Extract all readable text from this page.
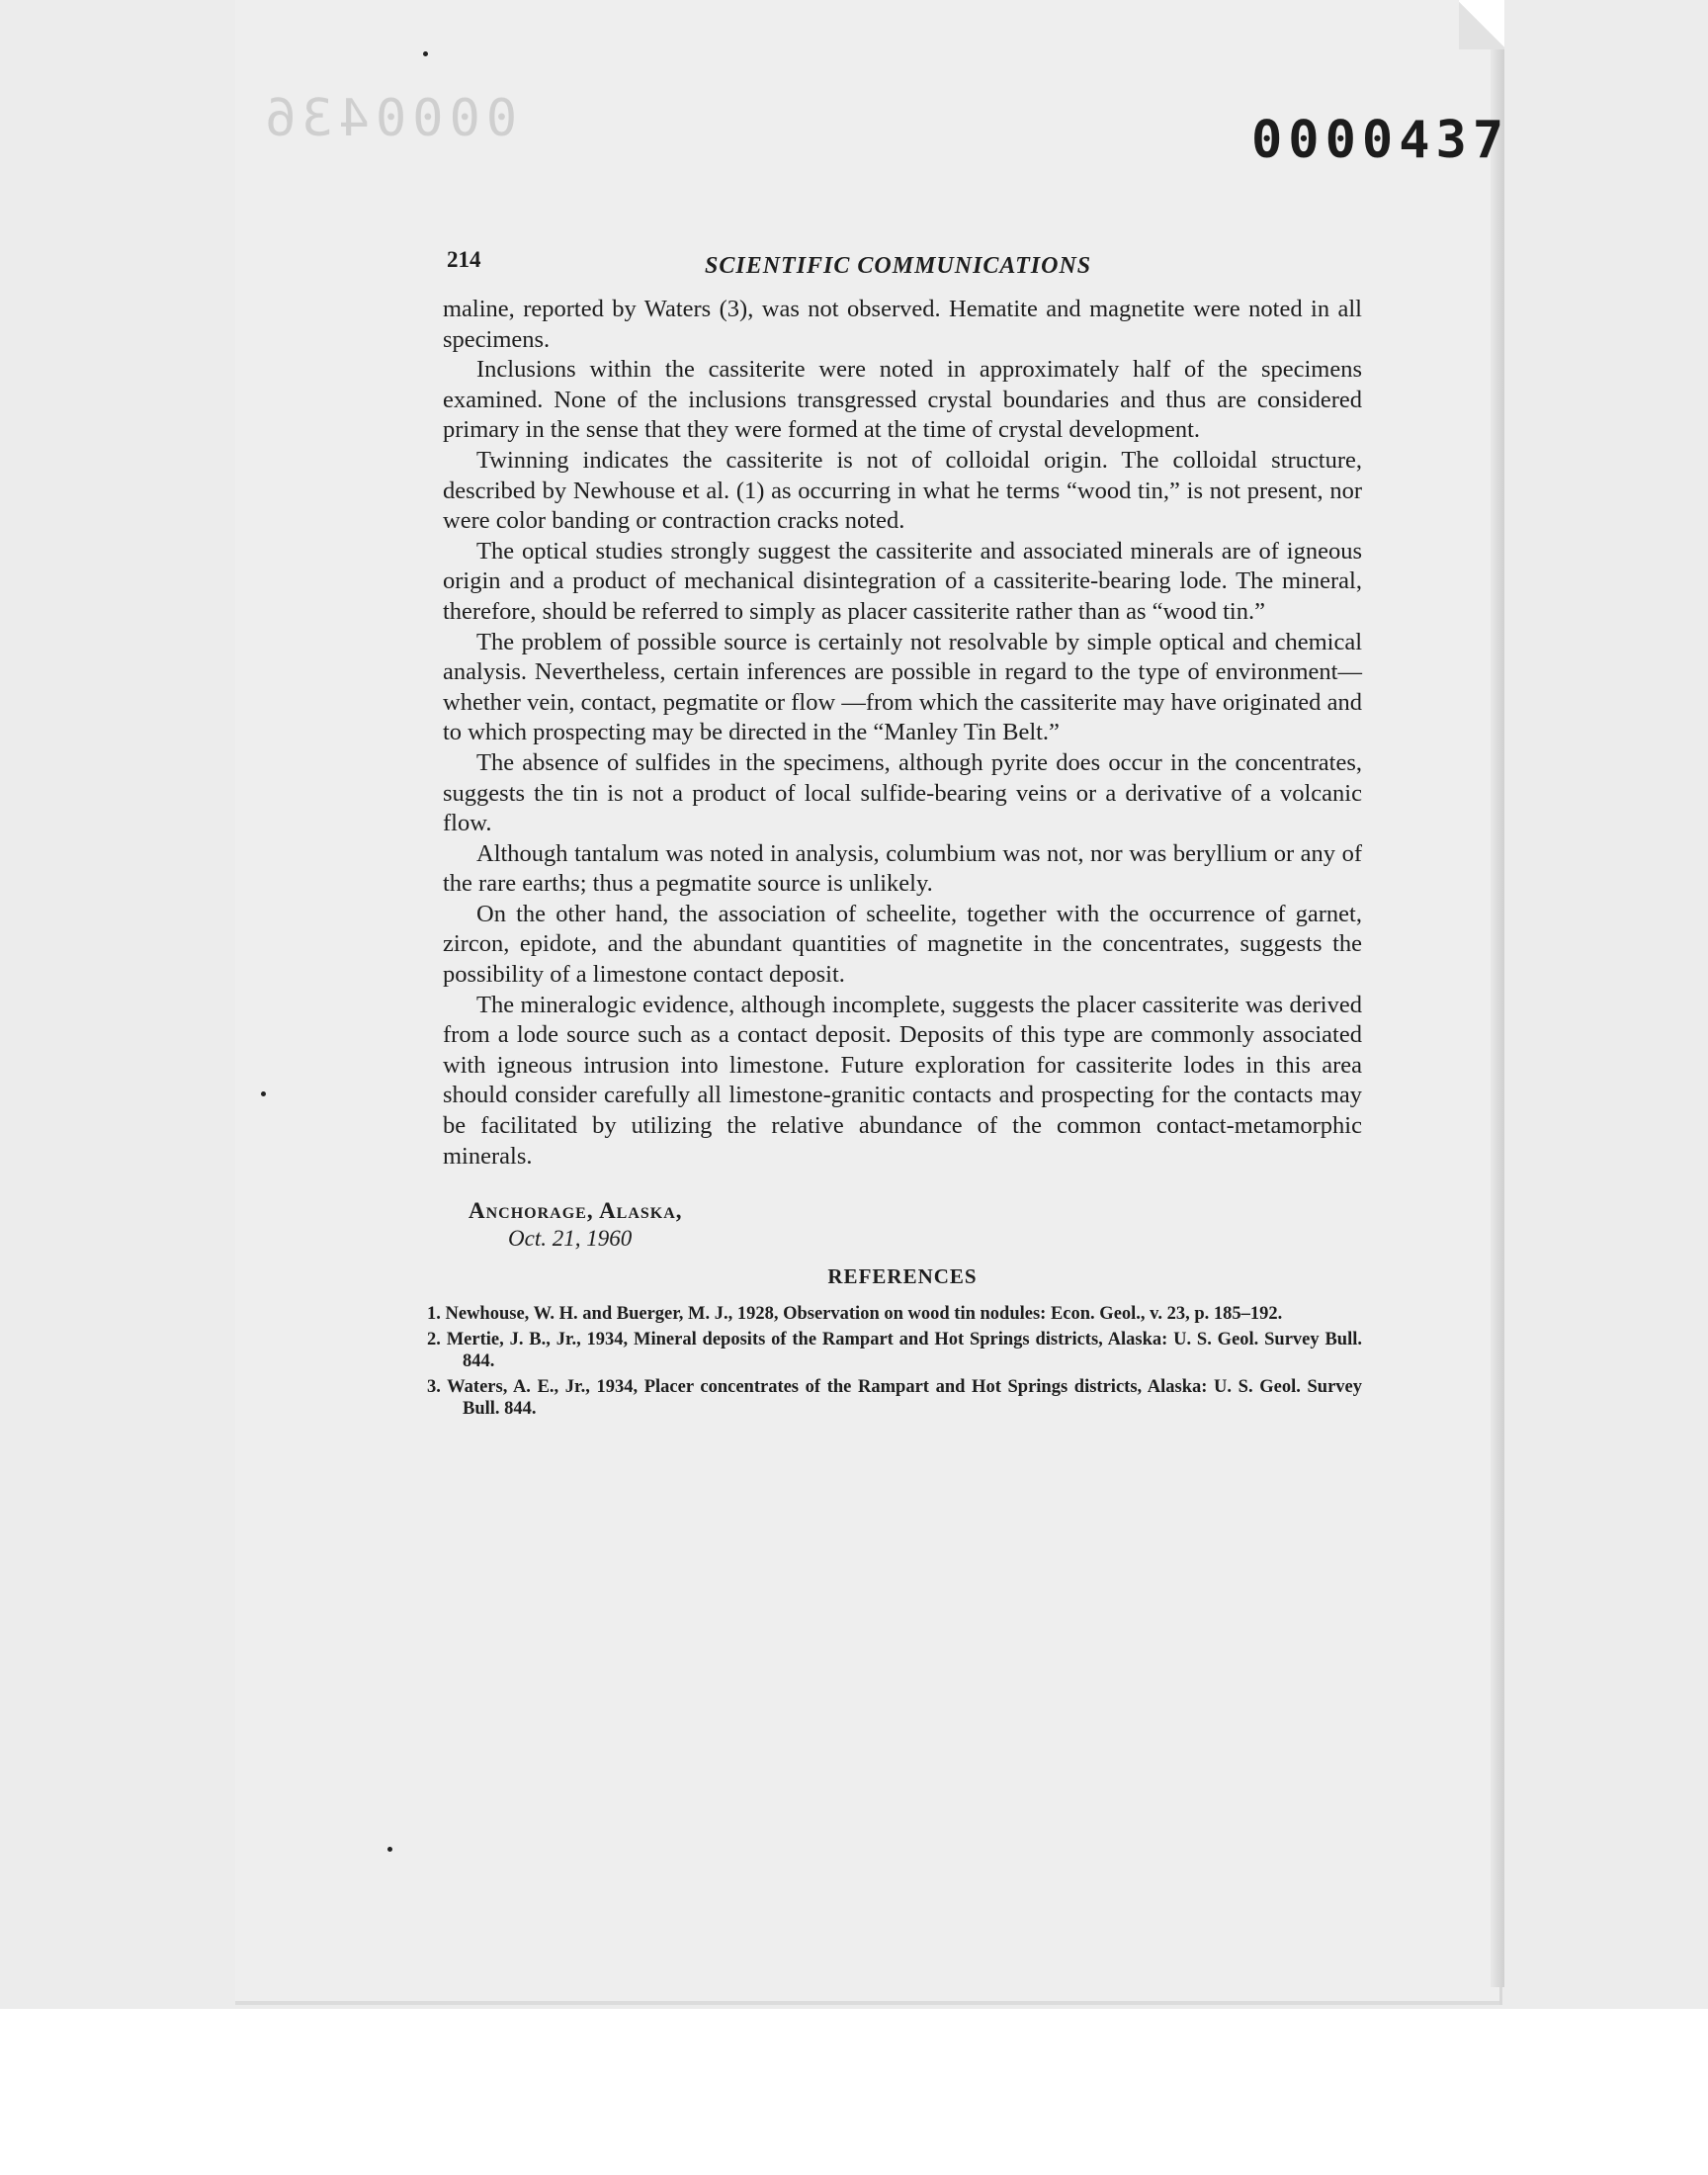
0000436	0000437
214	SCIENTIFIC COMMUNICATIONS

maline, reported by Waters (3), was not observed. Hematite and magnetite were noted in all specimens.

Inclusions within the cassiterite were noted in approximately half of the specimens examined. None of the inclusions transgressed crystal boundaries and thus are considered primary in the sense that they were formed at the time of crystal development.

Twinning indicates the cassiterite is not of colloidal origin. The colloidal structure, described by Newhouse et al. (1) as occurring in what he terms “wood tin,” is not present, nor were color banding or contraction cracks noted.

The optical studies strongly suggest the cassiterite and associated minerals are of igneous origin and a product of mechanical disintegration of a cassiterite-bearing lode. The mineral, therefore, should be referred to simply as placer cassiterite rather than as “wood tin.”

The problem of possible source is certainly not resolvable by simple optical and chemical analysis. Nevertheless, certain inferences are possible in regard to the type of environment—whether vein, contact, pegmatite or flow —from which the cassiterite may have originated and to which prospecting may be directed in the “Manley Tin Belt.”

The absence of sulfides in the specimens, although pyrite does occur in the concentrates, suggests the tin is not a product of local sulfide-bearing veins or a derivative of a volcanic flow.

Although tantalum was noted in analysis, columbium was not, nor was beryllium or any of the rare earths; thus a pegmatite source is unlikely.

On the other hand, the association of scheelite, together with the occurrence of garnet, zircon, epidote, and the abundant quantities of magnetite in the concentrates, suggests the possibility of a limestone contact deposit.

The mineralogic evidence, although incomplete, suggests the placer cassiterite was derived from a lode source such as a contact deposit. Deposits of this type are commonly associated with igneous intrusion into limestone. Future exploration for cassiterite lodes in this area should consider carefully all limestone-granitic contacts and prospecting for the contacts may be facilitated by utilizing the relative abundance of the common contact-metamorphic minerals.

Anchorage, Alaska,
Oct. 21, 1960
REFERENCES
1. Newhouse, W. H. and Buerger, M. J., 1928, Observation on wood tin nodules: Econ. Geol., v. 23, p. 185–192.
2. Mertie, J. B., Jr., 1934, Mineral deposits of the Rampart and Hot Springs districts, Alaska: U. S. Geol. Survey Bull. 844.
3. Waters, A. E., Jr., 1934, Placer concentrates of the Rampart and Hot Springs districts, Alaska: U. S. Geol. Survey Bull. 844.
